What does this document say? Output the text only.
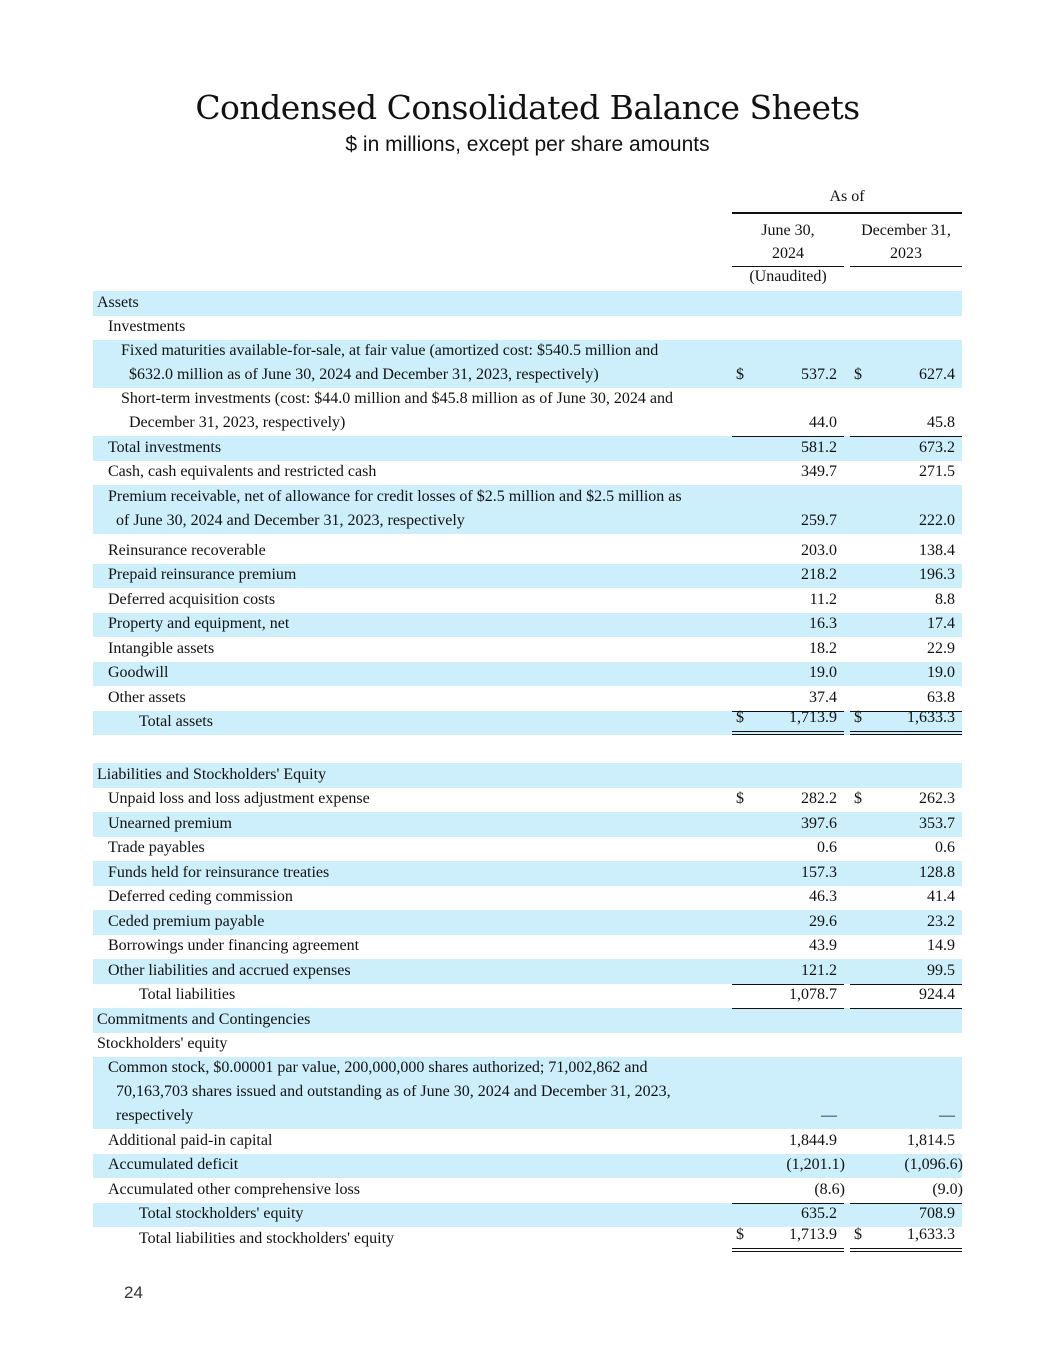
Condensed Consolidated Balance Sheets
$ in millions, except per share amounts
As of
June 30,
2024
December 31,
2023
(Unaudited)
Assets
Investments
Fixed maturities available-for-sale, at fair value (amortized cost: $540.5 million and
$632.0 million as of June 30, 2024 and December 31, 2023, respectively)	$	537.2 $	627.4
Short-term investments (cost: $44.0 million and $45.8 million as of June 30, 2024 and
December 31, 2023, respectively)	44.0	45.8
Total investments	581.2	673.2
Cash, cash equivalents and restricted cash	349.7	271.5
Premium receivable, net of allowance for credit losses of $2.5 million and $2.5 million as
of June 30, 2024 and December 31, 2023, respectively	259.7	222.0
Reinsurance recoverable	203.0	138.4
Prepaid reinsurance premium	218.2	196.3
Deferred acquisition costs	11.2	8.8
Property and equipment, net	16.3	17.4
Intangible assets	18.2	22.9
Goodwill	19.0	19.0
Other assets	37.4	63.8
Total assets	$	1,713.9 $	1,633.3
Liabilities and Stockholders' Equity
Unpaid loss and loss adjustment expense	$	282.2 $	262.3
Unearned premium	397.6	353.7
Trade payables	0.6	0.6
Funds held for reinsurance treaties	157.3	128.8
Deferred ceding commission	46.3	41.4
Ceded premium payable	29.6	23.2
Borrowings under financing agreement	43.9	14.9
Other liabilities and accrued expenses	121.2	99.5
Total liabilities	1,078.7	924.4
Commitments and Contingencies
Stockholders' equity
Common stock, $0.00001 par value, 200,000,000 shares authorized; 71,002,862 and
70,163,703 shares issued and outstanding as of June 30, 2024 and December 31, 2023,
respectively	—	—
Additional paid-in capital	1,844.9	1,814.5
Accumulated deficit	(1,201.1)	(1,096.6)
Accumulated other comprehensive loss	(8.6)	(9.0)
Total stockholders' equity	635.2	708.9
Total liabilities and stockholders' equity	$	1,713.9 $	1,633.3
24
